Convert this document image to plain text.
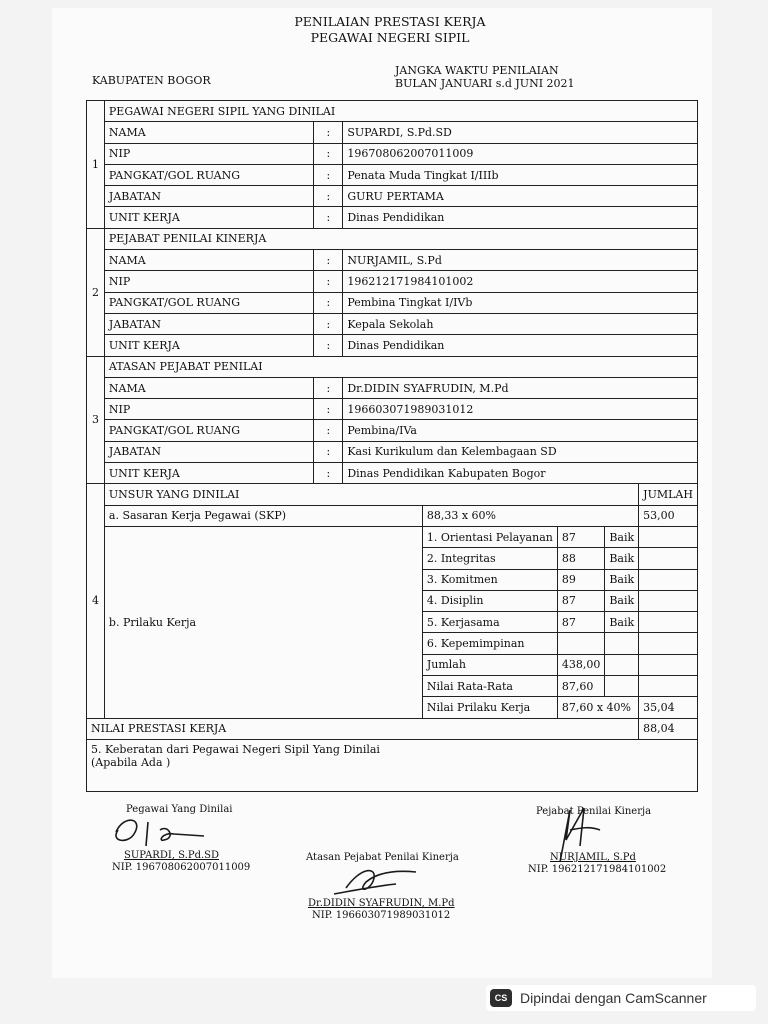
PENILAIAN PRESTASI KERJA
PEGAWAI NEGERI SIPIL
KABUPATEN BOGOR
JANGKA WAKTU PENILAIAN
BULAN JANUARI s.d JUNI 2021
1	PEGAWAI NEGERI SIPIL YANG DINILAI						
	NAMA	:	SUPARDI, S.Pd.SD				
	NIP	:	196708062007011009				
	PANGKAT/GOL RUANG	:	Penata Muda Tingkat I/IIIb				
	JABATAN	:	GURU PERTAMA				
	UNIT KERJA	:	Dinas Pendidikan				
2	PEJABAT PENILAI KINERJA						
	NAMA	:	NURJAMIL, S.Pd				
	NIP	:	196212171984101002				
	PANGKAT/GOL RUANG	:	Pembina Tingkat I/IVb				
	JABATAN	:	Kepala Sekolah				
	UNIT KERJA	:	Dinas Pendidikan				
3	ATASAN PEJABAT PENILAI						
	NAMA	:	Dr.DIDIN SYAFRUDIN, M.Pd				
	NIP	:	196603071989031012				
	PANGKAT/GOL RUANG	:	Pembina/IVa				
	JABATAN	:	Kasi Kurikulum dan Kelembagaan SD				
	UNIT KERJA	:	Dinas Pendidikan Kabupaten Bogor				
4	UNSUR YANG DINILAI						JUMLAH
	a. Sasaran Kerja Pegawai (SKP)			88,33 x 60%			53,00
	b. Prilaku Kerja			1. Orientasi Pelayanan	87	Baik	
				2. Integritas	88	Baik	
				3. Komitmen	89	Baik	
				4. Disiplin	87	Baik	
				5. Kerjasama	87	Baik	
				6. Kepemimpinan			
				Jumlah	438,00		
				Nilai Rata-Rata	87,60		
				Nilai Prilaku Kerja	87,60 x 40%		35,04
NILAI PRESTASI KERJA							88,04

5. Keberatan dari Pegawai Negeri Sipil Yang Dinilai
(Apabila Ada )							
Pegawai Yang Dinilai
SUPARDI, S.Pd.SD
NIP. 196708062007011009
Pejabat Penilai Kinerja
NURJAMIL, S.Pd
NIP. 196212171984101002
Atasan Pejabat Penilai Kinerja
Dr.DIDIN SYAFRUDIN, M.Pd
NIP. 196603071989031012
CS Dipindai dengan CamScanner
